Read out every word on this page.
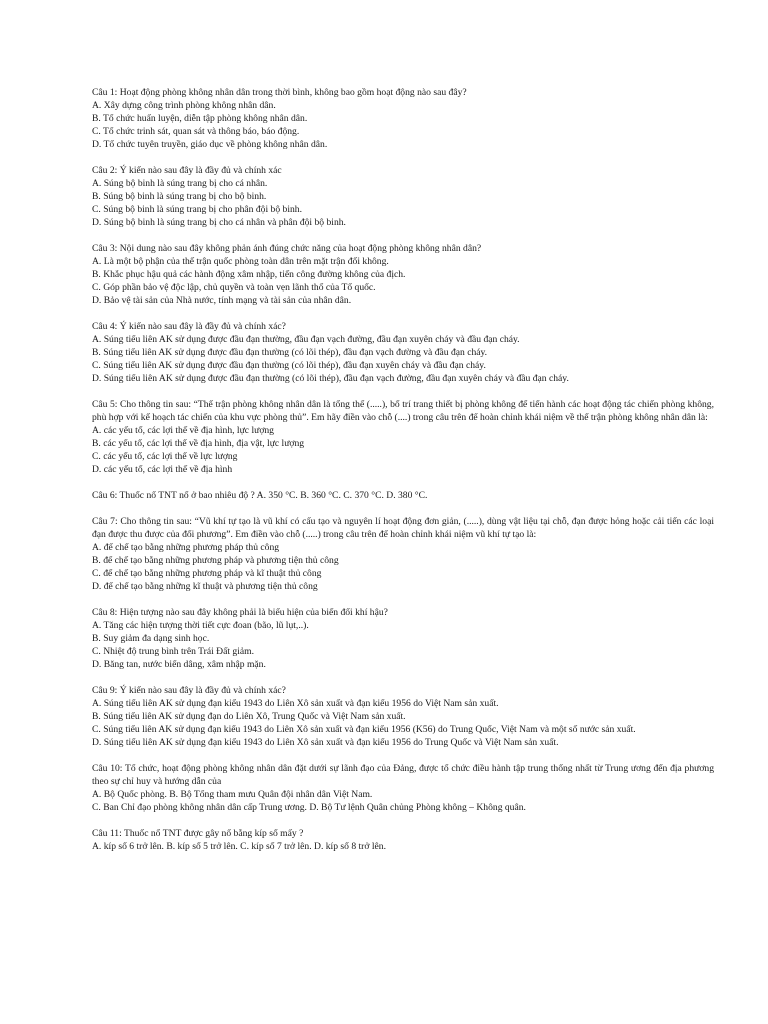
Câu 1: Hoạt động phòng không nhân dân trong thời bình, không bao gồm hoạt động nào sau đây?

A. Xây dựng công trình phòng không nhân dân.

B. Tổ chức huấn luyện, diễn tập phòng không nhân dân.

C. Tổ chức trinh sát, quan sát và thông báo, báo động.

D. Tổ chức tuyên truyền, giáo dục về phòng không nhân dân.

Câu 2: Ý kiến nào sau đây là đầy đủ và chính xác

A. Súng bộ binh là súng trang bị cho cá nhân.

B. Súng bộ binh là súng trang bị cho bộ binh.

C. Súng bộ binh là súng trang bị cho phân đội bộ binh.

D. Súng bộ binh là súng trang bị cho cá nhân và phân đội bộ binh.

Câu 3: Nội dung nào sau đây không phản ánh đúng chức năng của hoạt động phòng không nhân dân?

A. Là một bộ phận của thế trận quốc phòng toàn dân trên mặt trận đối không.

B. Khắc phục hậu quả các hành động xâm nhập, tiến công đường không của địch.

C. Góp phần bảo vệ độc lập, chủ quyền và toàn vẹn lãnh thổ của Tổ quốc.

D. Bảo vệ tài sản của Nhà nước, tính mạng và tài sản của nhân dân.

Câu 4: Ý kiến nào sau đây là đầy đủ và chính xác?

A. Súng tiểu liên AK sử dụng được đầu đạn thường, đầu đạn vạch đường, đầu đạn xuyên cháy và đầu đạn cháy.

B. Súng tiểu liên AK sử dụng được đầu đạn thường (có lõi thép), đầu đạn vạch đường và đầu đạn cháy.

C. Súng tiểu liên AK sử dụng được đầu đạn thường (có lõi thép), đầu đạn xuyên cháy và đầu đạn cháy.

D. Súng tiểu liên AK sử dụng được đầu đạn thường (có lõi thép), đầu đạn vạch đường, đầu đạn xuyên cháy và đầu đạn cháy.

Câu 5: Cho thông tin sau: “Thế trận phòng không nhân dân là tổng thể (.....), bố trí trang thiết bị phòng không để tiến hành các hoạt động tác chiến phòng không, phù hợp với kế hoạch tác chiến của khu vực phòng thủ”. Em hãy điền vào chỗ (....) trong câu trên để hoàn chỉnh khái niệm về thế trận phòng không nhân dân là:

A. các yếu tố, các lợi thế về địa hình, lực lượng

B. các yếu tố, các lợi thế về địa hình, địa vật, lực lượng

C. các yếu tố, các lợi thế về lực lượng

D. các yếu tố, các lợi thế về địa hình

Câu 6: Thuốc nổ TNT nổ ở bao nhiêu độ ? A. 350 °C. B. 360 °C. C. 370 °C. D. 380 °C.

Câu 7: Cho thông tin sau: “Vũ khí tự tạo là vũ khí có cấu tạo và nguyên lí hoạt động đơn giản, (.....), dùng vật liệu tại chỗ, đạn được hỏng hoặc cải tiến các loại đạn được thu được của đối phương”. Em điền vào chỗ (.....) trong câu trên để hoàn chỉnh khái niệm vũ khí tự tạo là:

A. để chế tạo bằng những phương pháp thủ công

B. để chế tạo bằng những phương pháp và phương tiện thủ công

C. để chế tạo bằng những phương pháp và kĩ thuật thủ công

D. để chế tạo bằng những kĩ thuật và phương tiện thủ công

Câu 8: Hiện tượng nào sau đây không phải là biểu hiện của biến đổi khí hậu?

A. Tăng các hiện tượng thời tiết cực đoan (bão, lũ lụt,..).

B. Suy giảm đa dạng sinh học.

C. Nhiệt độ trung bình trên Trái Đất giảm.

D. Băng tan, nước biển dâng, xâm nhập mặn.

Câu 9: Ý kiến nào sau đây là đầy đủ và chính xác?

A. Súng tiểu liên AK sử dụng đạn kiểu 1943 do Liên Xô sản xuất và đạn kiểu 1956 do Việt Nam sản xuất.

B. Súng tiểu liên AK sử dụng đạn do Liên Xô, Trung Quốc và Việt Nam sản xuất.

C. Súng tiểu liên AK sử dụng đạn kiểu 1943 do Liên Xô sản xuất và đạn kiểu 1956 (K56) do Trung Quốc, Việt Nam và một số nước sản xuất.

D. Súng tiểu liên AK sử dụng đạn kiểu 1943 do Liên Xô sản xuất và đạn kiểu 1956 do Trung Quốc và Việt Nam sản xuất.

Câu 10: Tổ chức, hoạt động phòng không nhân dân đặt dưới sự lãnh đạo của Đảng, được tổ chức điều hành tập trung thống nhất từ Trung ương đến địa phương theo sự chỉ huy và hướng dẫn của

A. Bộ Quốc phòng. B. Bộ Tổng tham mưu Quân đội nhân dân Việt Nam.

C. Ban Chỉ đạo phòng không nhân dân cấp Trung ương. D. Bộ Tư lệnh Quân chủng Phòng không – Không quân.

Câu 11: Thuốc nổ TNT được gây nổ bằng kíp số mấy ?

A. kíp số 6 trở lên. B. kíp số 5 trở lên. C. kíp số 7 trở lên. D. kíp số 8 trở lên.
